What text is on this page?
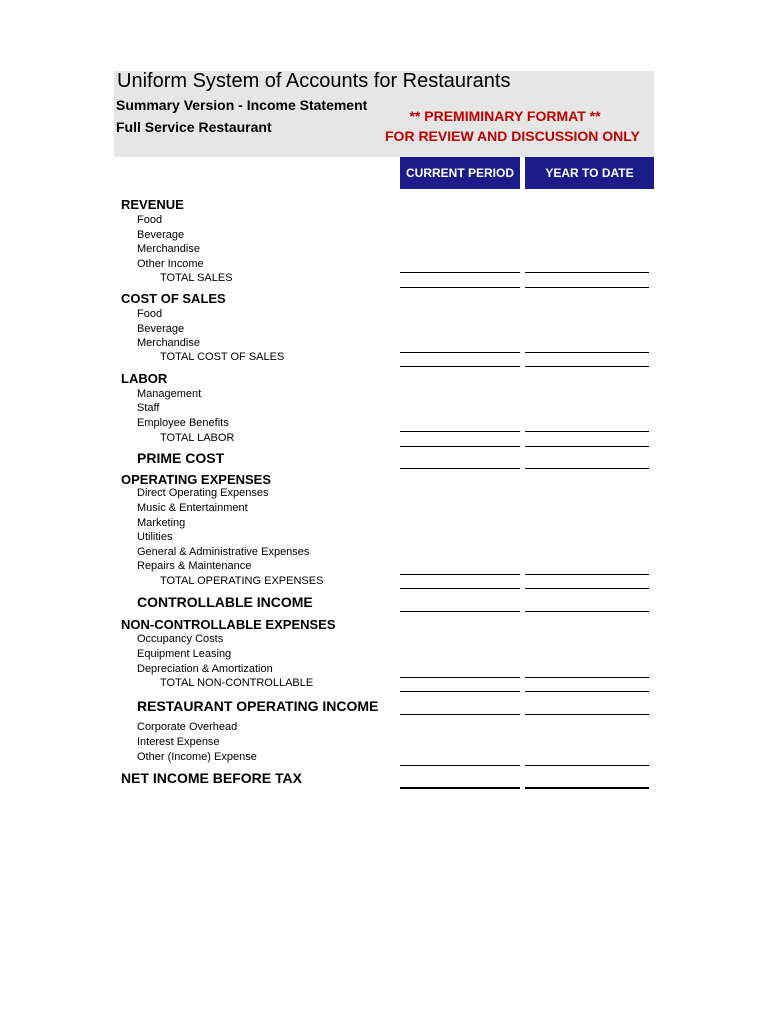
Uniform System of Accounts for Restaurants
Summary Version - Income Statement
Full Service Restaurant
** PREMIMINARY FORMAT **
FOR REVIEW AND DISCUSSION ONLY
CURRENT PERIOD	YEAR TO DATE
REVENUE
Food
Beverage
Merchandise
Other Income
TOTAL SALES
COST OF SALES
Food
Beverage
Merchandise
TOTAL COST OF SALES
LABOR
Management
Staff
Employee Benefits
TOTAL LABOR
PRIME COST
OPERATING EXPENSES
Direct Operating Expenses
Music & Entertainment
Marketing
Utilities
General & Administrative Expenses
Repairs & Maintenance
TOTAL OPERATING EXPENSES
CONTROLLABLE INCOME
NON-CONTROLLABLE EXPENSES
Occupancy Costs
Equipment Leasing
Depreciation & Amortization
TOTAL NON-CONTROLLABLE
RESTAURANT OPERATING INCOME
Corporate Overhead
Interest Expense
Other (Income) Expense
NET INCOME BEFORE TAX
